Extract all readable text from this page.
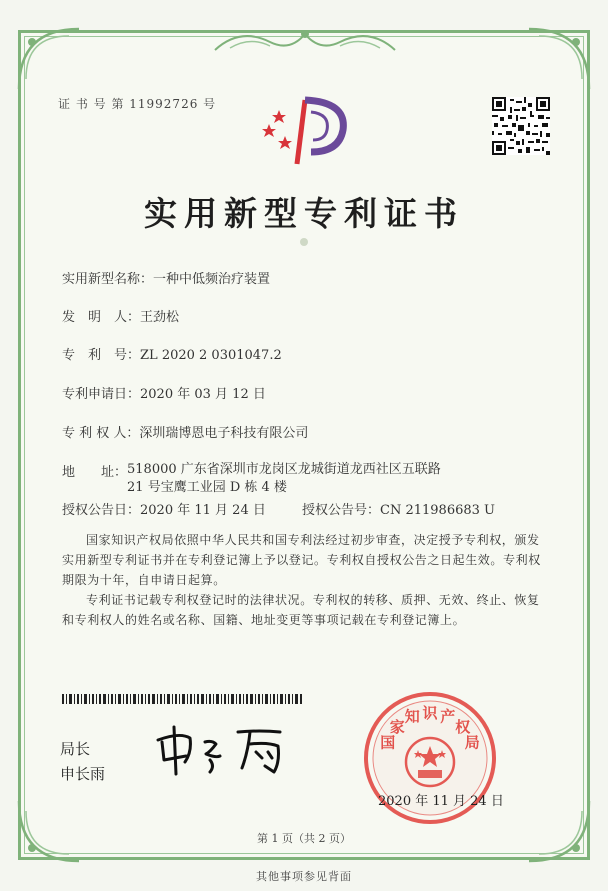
证 书 号 第 11992726 号
实用新型专利证书
实用新型名称：一种中低频治疗装置
发　明　人：王劲松
专　利　号：ZL 2020 2 0301047.2
专利申请日：2020 年 03 月 12 日
专 利 权 人：深圳瑞博恩电子科技有限公司
地　　址：518000 广东省深圳市龙岗区龙城街道龙西社区五联路 21 号宝鹰工业园 D 栋 4 楼
授权公告日：2020 年 11 月 24 日	授权公告号：CN 211986683 U
国家知识产权局依照中华人民共和国专利法经过初步审查，决定授予专利权，颁发实用新型专利证书并在专利登记簿上予以登记。专利权自授权公告之日起生效。专利权期限为十年，自申请日起算。
专利证书记载专利权登记时的法律状况。专利权的转移、质押、无效、终止、恢复和专利权人的姓名或名称、国籍、地址变更等事项记载在专利登记簿上。
局长
申长雨
国家知 识 产权局
2020 年 11 月 24 日
第 1 页（共 2 页）
其他事项参见背面
